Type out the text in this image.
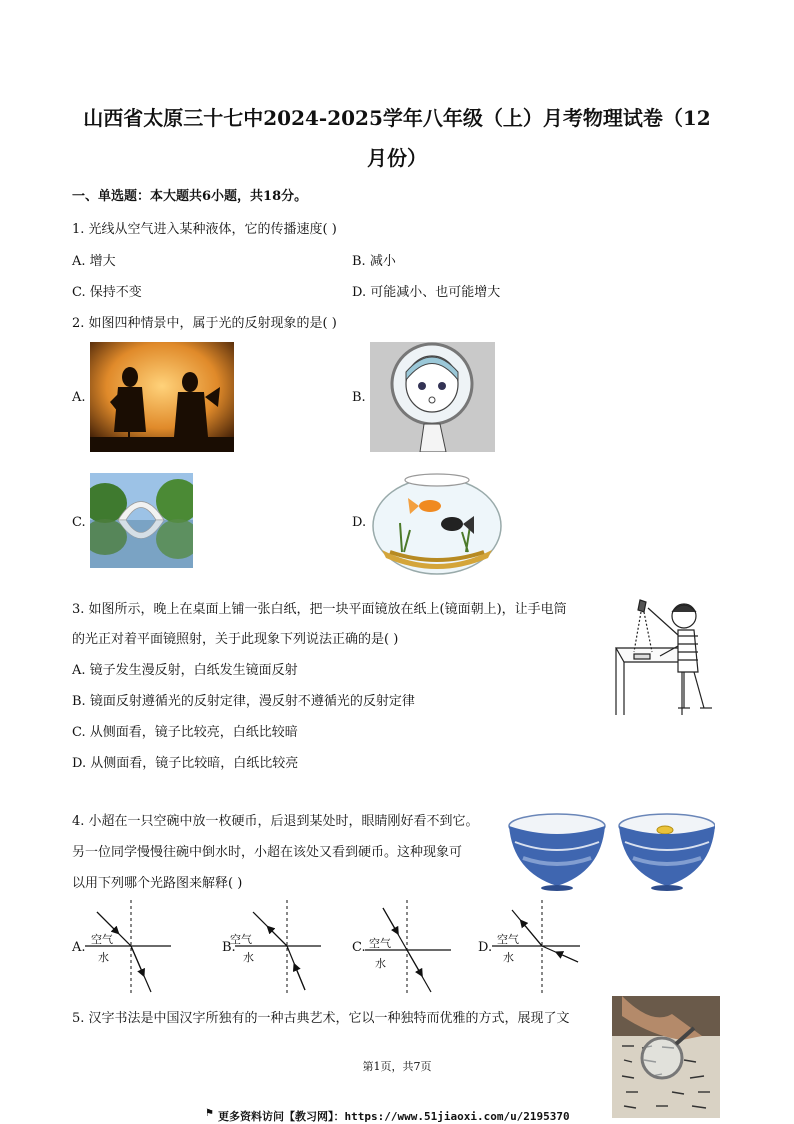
山西省太原三十七中2024-2025学年八年级（上）月考物理试卷（12
月份）
一、单选题：本大题共6小题，共18分。
1. 光线从空气进入某种液体，它的传播速度( )
A. 增大	B. 减小
C. 保持不变	D. 可能减小、也可能增大
2. 如图四种情景中，属于光的反射现象的是( )
A.	B.
C.	D.
3. 如图所示，晚上在桌面上铺一张白纸，把一块平面镜放在纸上(镜面朝上)，让手电筒
的光正对着平面镜照射，关于此现象下列说法正确的是( )
A. 镜子发生漫反射，白纸发生镜面反射
B. 镜面反射遵循光的反射定律，漫反射不遵循光的反射定律
C. 从侧面看，镜子比较亮，白纸比较暗
D. 从侧面看，镜子比较暗，白纸比较亮
4. 小超在一只空碗中放一枚硬币，后退到某处时，眼睛刚好看不到它。
另一位同学慢慢往碗中倒水时，小超在该处又看到硬币。这种现象可
以用下列哪个光路图来解释( )
A.
空气
水
B.
空气
水
C. 空气
水
D.
空气
水
5. 汉字书法是中国汉字所独有的一种古典艺术，它以一种独特而优雅的方式，展现了文
第1页，共7页
⚑ 更多资料访问【教习网】：https://www.51jiaoxi.com/u/2195370
